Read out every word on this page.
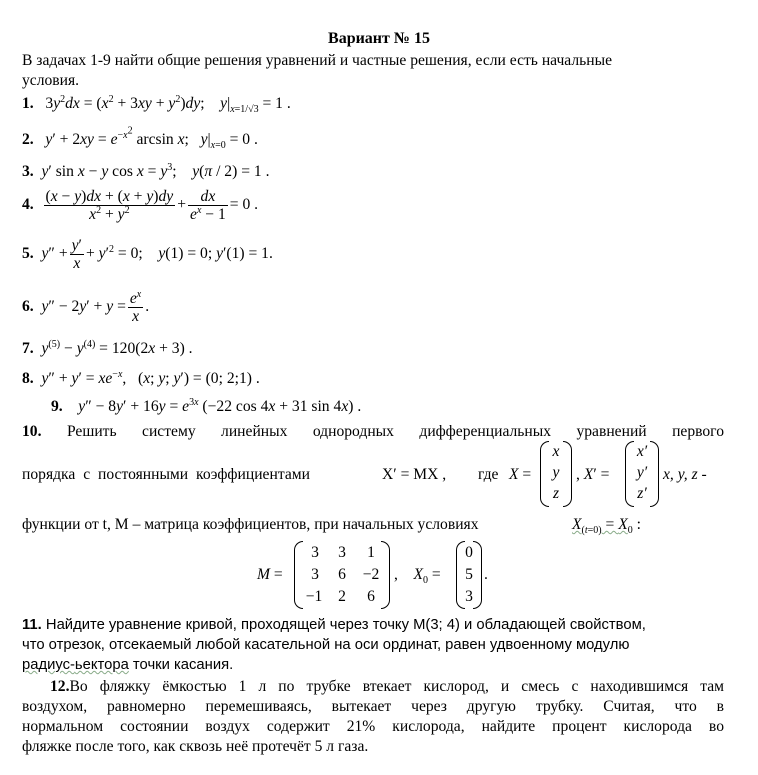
Вариант № 15
В задачах 1-9 найти общие решения уравнений и частные решения, если есть начальные
условия.
1. $3y^2dx = (x^2 + 3xy + y^2)dy$;    $y|_{x=1/√3} = 1$ .
2. $y' + 2xy = e^{-x^2}$ arcsin x;   $y|_{x=0} = 0$ .
3. y′ sin x − y $\cos x = y^3$;    y(π / 2) = 1 .
4. $\frac{(x - y)dx + (x + y)dy}{x^2 + y^2} + \frac{dx}{e^x - 1} = 0$ .
5. $y'' + \frac{y'}{x} + y'^2 = 0$;    y(1) = 0; y′(1) = 1.
6. $y'' - 2y' + y = \frac{e^x}{x}$ .
7. $y^{(5)} - y^{(4)} = 120(2x + 3)$ .
8. $y'' + y' = xe^{-x}$,   (x; y; y′) = (0; 2;1) .
9. $y'' - 8y' + 16y = e^{3x}$ (−22 cos 4x + 31 sin 4x) .
10. Решить систему линейных однородных дифференциальных уравнений первого
порядка с постоянными коэффициентами	X′ = MX , где X =
x
y
z
, X′ =
x′
y′
z′
x, y, z -
функции от t, M – матрица коэффициентов, при начальных условиях	$X_{(t=0)} = X_0$ :
M =
3	3	1
3	6	−2
−1	2	6
,    $X_0$ =
0
5
3
.
11. Найдите уравнение кривой, проходящей через точку M(3; 4) и обладающей свойством,
что отрезок, отсекаемый любой касательной на оси ординат, равен удвоенному модулю
радиус-ьектора точки касания.
12.Во фляжку ёмкостью 1 л по трубке втекает кислород, и смесь с находившимся там
воздухом, равномерно перемешиваясь, вытекает через другую трубку. Считая, что в
нормальном состоянии воздух содержит 21% кислорода, найдите процент кислорода во
фляжке после того, как сквозь неё протечёт 5 л газа.
